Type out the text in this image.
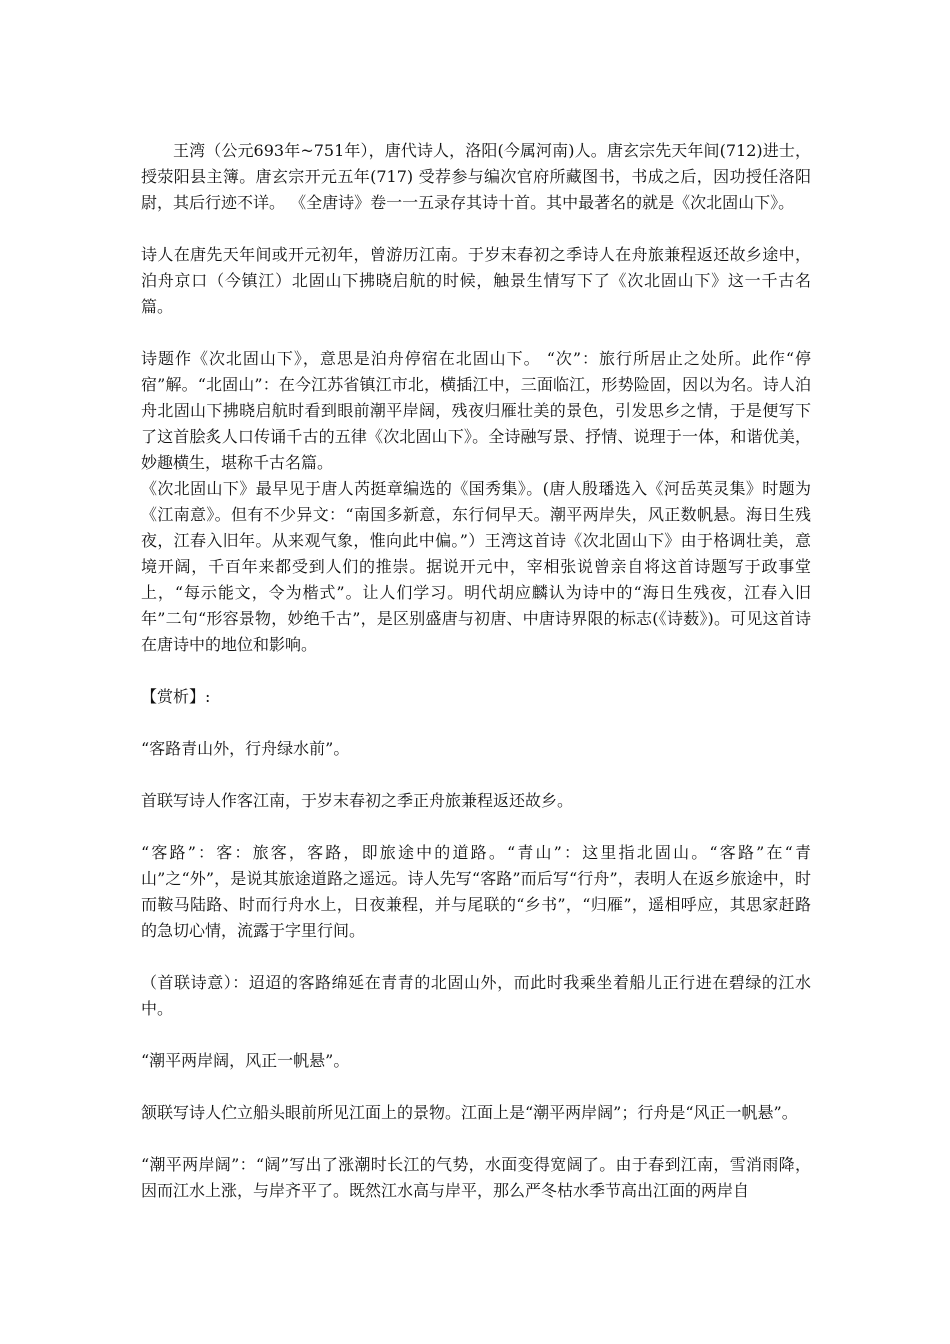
王湾（公元693年~751年），唐代诗人，洛阳(今属河南)人。唐玄宗先天年间(712)进士，授荥阳县主簿。唐玄宗开元五年(717) 受荐参与编次官府所藏图书，书成之后，因功授任洛阳尉，其后行迹不详。 《全唐诗》卷一一五录存其诗十首。其中最著名的就是《次北固山下》。

诗人在唐先天年间或开元初年，曾游历江南。于岁末春初之季诗人在舟旅兼程返还故乡途中，泊舟京口（今镇江）北固山下拂晓启航的时候，触景生情写下了《次北固山下》这一千古名篇。

诗题作《次北固山下》，意思是泊舟停宿在北固山下。 “次”：旅行所居止之处所。此作“停宿”解。“北固山”：在今江苏省镇江市北，横插江中，三面临江，形势险固，因以为名。诗人泊舟北固山下拂晓启航时看到眼前潮平岸阔，残夜归雁壮美的景色，引发思乡之情，于是便写下了这首脍炙人口传诵千古的五律《次北固山下》。全诗融写景、抒情、说理于一体，和谐优美，妙趣横生，堪称千古名篇。

《次北固山下》最早见于唐人芮挺章编选的《国秀集》。(唐人殷璠选入《河岳英灵集》时题为《江南意》。但有不少异文：“南国多新意，东行伺早天。潮平两岸失，风正数帆悬。海日生残夜，江春入旧年。从来观气象，惟向此中偏。”）王湾这首诗《次北固山下》由于格调壮美，意境开阔，千百年来都受到人们的推崇。据说开元中，宰相张说曾亲自将这首诗题写于政事堂上，“每示能文，令为楷式”。让人们学习。明代胡应麟认为诗中的“海日生残夜，江春入旧年”二句“形容景物，妙绝千古”，是区别盛唐与初唐、中唐诗界限的标志(《诗薮》)。可见这首诗在唐诗中的地位和影响。

【赏析】:

“客路青山外，行舟绿水前”。

首联写诗人作客江南，于岁末春初之季正舟旅兼程返还故乡。

“客路”：客：旅客，客路，即旅途中的道路。“青山”：这里指北固山。“客路”在“青山”之“外”，是说其旅途道路之遥远。诗人先写“客路”而后写“行舟”，表明人在返乡旅途中，时而鞍马陆路、时而行舟水上，日夜兼程，并与尾联的“乡书”，“归雁”，遥相呼应，其思家赶路的急切心情，流露于字里行间。

（首联诗意）：迢迢的客路绵延在青青的北固山外，而此时我乘坐着船儿正行进在碧绿的江水中。

“潮平两岸阔，风正一帆悬”。

颔联写诗人伫立船头眼前所见江面上的景物。江面上是“潮平两岸阔”；行舟是“风正一帆悬”。

“潮平两岸阔”：“阔”写出了涨潮时长江的气势，水面变得宽阔了。由于春到江南，雪消雨降，因而江水上涨，与岸齐平了。既然江水高与岸平，那么严冬枯水季节高出江面的两岸自
